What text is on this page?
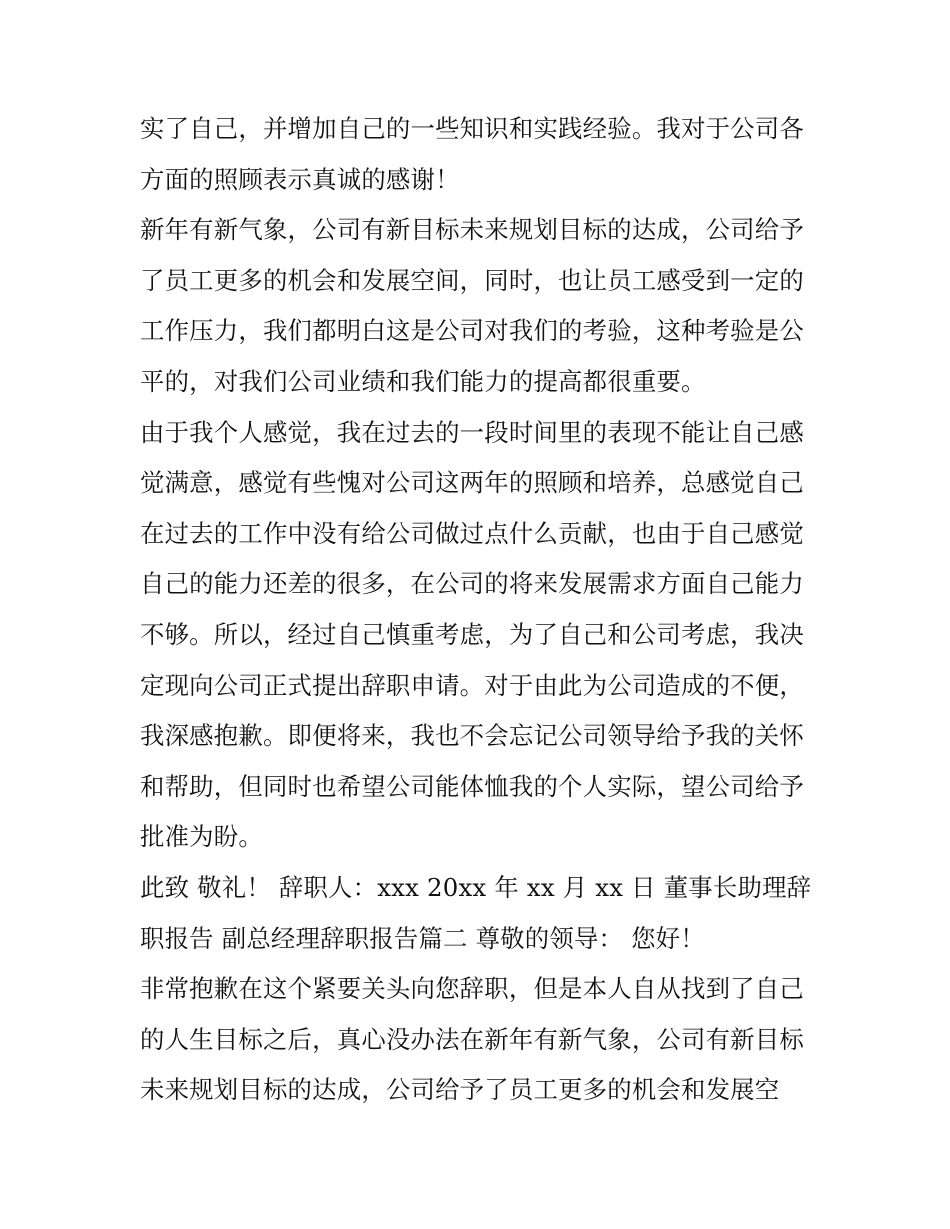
实了自己，并增加自己的一些知识和实践经验。我对于公司各方面的照顾表示真诚的感谢！

新年有新气象，公司有新目标未来规划目标的达成，公司给予了员工更多的机会和发展空间，同时，也让员工感受到一定的工作压力，我们都明白这是公司对我们的考验，这种考验是公平的，对我们公司业绩和我们能力的提高都很重要。

由于我个人感觉，我在过去的一段时间里的表现不能让自己感觉满意，感觉有些愧对公司这两年的照顾和培养，总感觉自己在过去的工作中没有给公司做过点什么贡献，也由于自己感觉自己的能力还差的很多，在公司的将来发展需求方面自己能力不够。所以，经过自己慎重考虑，为了自己和公司考虑，我决定现向公司正式提出辞职申请。对于由此为公司造成的不便，我深感抱歉。即便将来，我也不会忘记公司领导给予我的关怀和帮助，但同时也希望公司能体恤我的个人实际，望公司给予批准为盼。

此致 敬礼！ 辞职人：xxx 20xx 年 xx 月 xx 日 董事长助理辞职报告 副总经理辞职报告篇二 尊敬的领导： 您好！

非常抱歉在这个紧要关头向您辞职，但是本人自从找到了自己的人生目标之后，真心没办法在新年有新气象，公司有新目标未来规划目标的达成，公司给予了员工更多的机会和发展空
